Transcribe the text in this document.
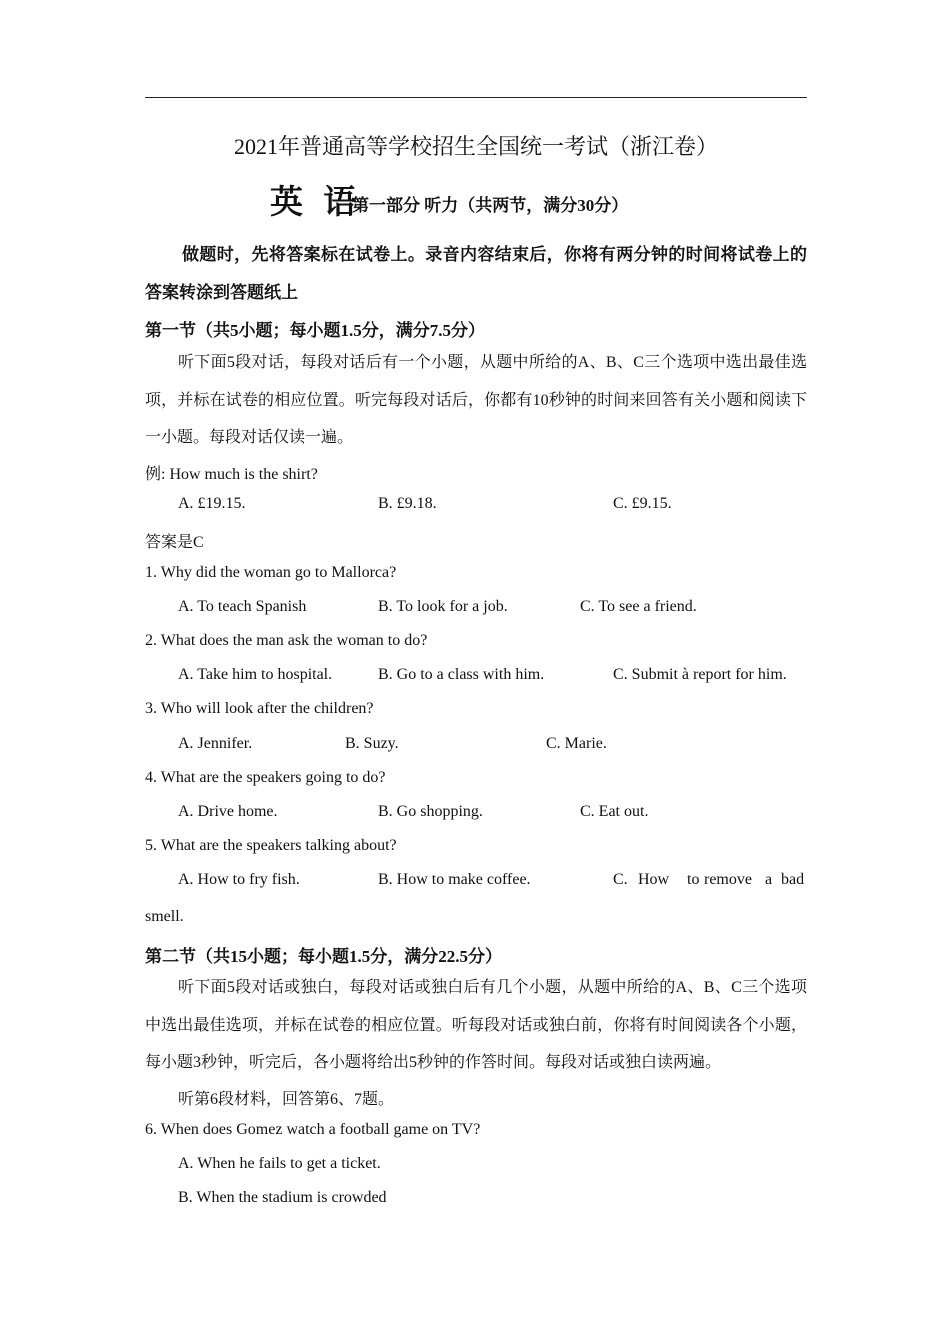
2021年普通高等学校招生全国统一考试（浙江卷）
英 语
第一部分 听力（共两节，满分30分）
做题时，先将答案标在试卷上。录音内容结束后，你将有两分钟的时间将试卷上的答案转涂到答题纸上
第一节（共5小题；每小题1.5分，满分7.5分）
听下面5段对话，每段对话后有一个小题，从题中所给的A、B、C三个选项中选出最佳选项，并标在试卷的相应位置。听完每段对话后，你都有10秒钟的时间来回答有关小题和阅读下一小题。每段对话仅读一遍。
例: How much is the shirt?
A. £19.15.	B. £9.18.	C. £9.15.
答案是C
1. Why did the woman go to Mallorca?
A. To teach Spanish	B. To look for a job.	C. To see a friend.
2. What does the man ask the woman to do?
A. Take him to hospital.	B. Go to a class with him.	C. Submit à report for him.
3. Who will look after the children?
A. Jennifer.	B. Suzy.	C. Marie.
4. What are the speakers going to do?
A. Drive home.	B. Go shopping.	C. Eat out.
5. What are the speakers talking about?
A. How to fry fish.	B. How to make coffee.	C. How to remove a bad
smell.
第二节（共15小题；每小题1.5分，满分22.5分）
听下面5段对话或独白，每段对话或独白后有几个小题，从题中所给的A、B、C三个选项中选出最佳选项，并标在试卷的相应位置。听每段对话或独白前，你将有时间阅读各个小题，每小题3秒钟，听完后，各小题将给出5秒钟的作答时间。每段对话或独白读两遍。
听第6段材料，回答第6、7题。
6. When does Gomez watch a football game on TV?
A. When he fails to get a ticket.
B. When the stadium is crowded
